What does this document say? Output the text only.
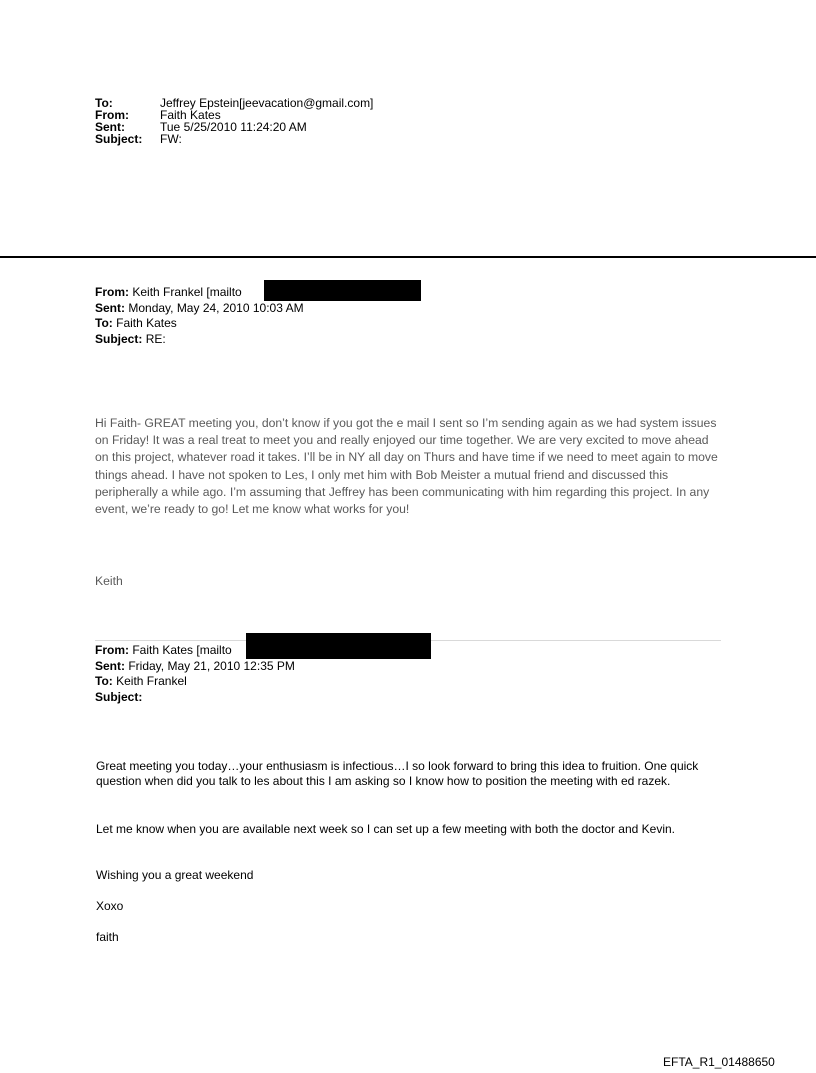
To:	Jeffrey Epstein[jeevacation@gmail.com]
From:	Faith Kates
Sent:	Tue 5/25/2010 11:24:20 AM
Subject:	FW:
From: Keith Frankel [mailto
Sent: Monday, May 24, 2010 10:03 AM
To: Faith Kates
Subject: RE:
Hi Faith- GREAT meeting you, don’t know if you got the e mail I sent so I’m sending again as we had system issues on Friday! It was a real treat to meet you and really enjoyed our time together. We are very excited to move ahead on this project, whatever road it takes. I’ll be in NY all day on Thurs and have time if we need to meet again to move things ahead. I have not spoken to Les, I only met him with Bob Meister a mutual friend and discussed this peripherally a while ago. I’m assuming that Jeffrey has been communicating with him regarding this project. In any event, we’re ready to go! Let me know what works for you!
Keith
From: Faith Kates [mailto
Sent: Friday, May 21, 2010 12:35 PM
To: Keith Frankel
Subject:
Great meeting you today…your enthusiasm is infectious…I so look forward to bring this idea to fruition. One quick question when did you talk to les about this I am asking so I know how to position the meeting with ed razek.
Let me know when you are available next week so I can set up a few meeting with both the doctor and Kevin.
Wishing you a great weekend
Xoxo
faith
EFTA_R1_01488650
